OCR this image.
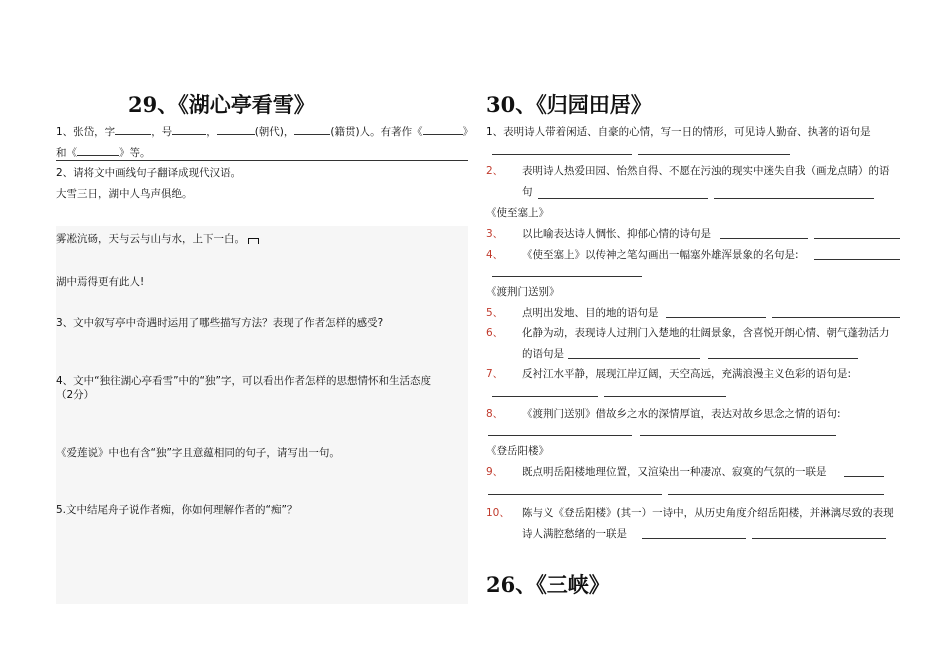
29、《湖心亭看雪》
1、张岱，字	，号	，	(朝代)，	(籍贯)人。有著作《	》
和《	》等。
2、请将文中画线句子翻译成现代汉语。
大雪三日，湖中人鸟声俱绝。
雾凇沆砀，天与云与山与水，上下一白。
湖中焉得更有此人!
3、文中叙写亭中奇遇时运用了哪些描写方法？表现了作者怎样的感受?
4、文中“独往湖心亭看雪”中的“独”字，可以看出作者怎样的思想情怀和生活态度
（2分）
《爱莲说》中也有含“独”字且意蕴相同的句子，请写出一句。
5.文中结尾舟子说作者痴，你如何理解作者的“痴”？
30、《归园田居》
1、表明诗人带着闲适、自豪的心情，写一日的情形，可见诗人勤奋、执著的语句是
2、 表明诗人热爱田园、怡然自得、不愿在污浊的现实中迷失自我（画龙点睛）的语
句
《使至塞上》
3、 以比喻表达诗人惆怅、抑郁心情的诗句是
4、 《使至塞上》以传神之笔勾画出一幅塞外雄浑景象的名句是:
《渡荆门送别》
5、 点明出发地、目的地的语句是
6、 化静为动，表现诗人过荆门入楚地的壮阔景象，含喜悦开朗心情、朝气蓬勃活力
的语句是
7、 反衬江水平静，展现江岸辽阔，天空高远，充满浪漫主义色彩的语句是:
8、 《渡荆门送别》借故乡之水的深情厚谊，表达对故乡思念之情的语句:
《登岳阳楼》
9、 既点明岳阳楼地理位置，又渲染出一种凄凉、寂寞的气氛的一联是
10、 陈与义《登岳阳楼》(其一）一诗中，从历史角度介绍岳阳楼，并淋漓尽致的表现
诗人满腔愁绪的一联是
26、《三峡》
